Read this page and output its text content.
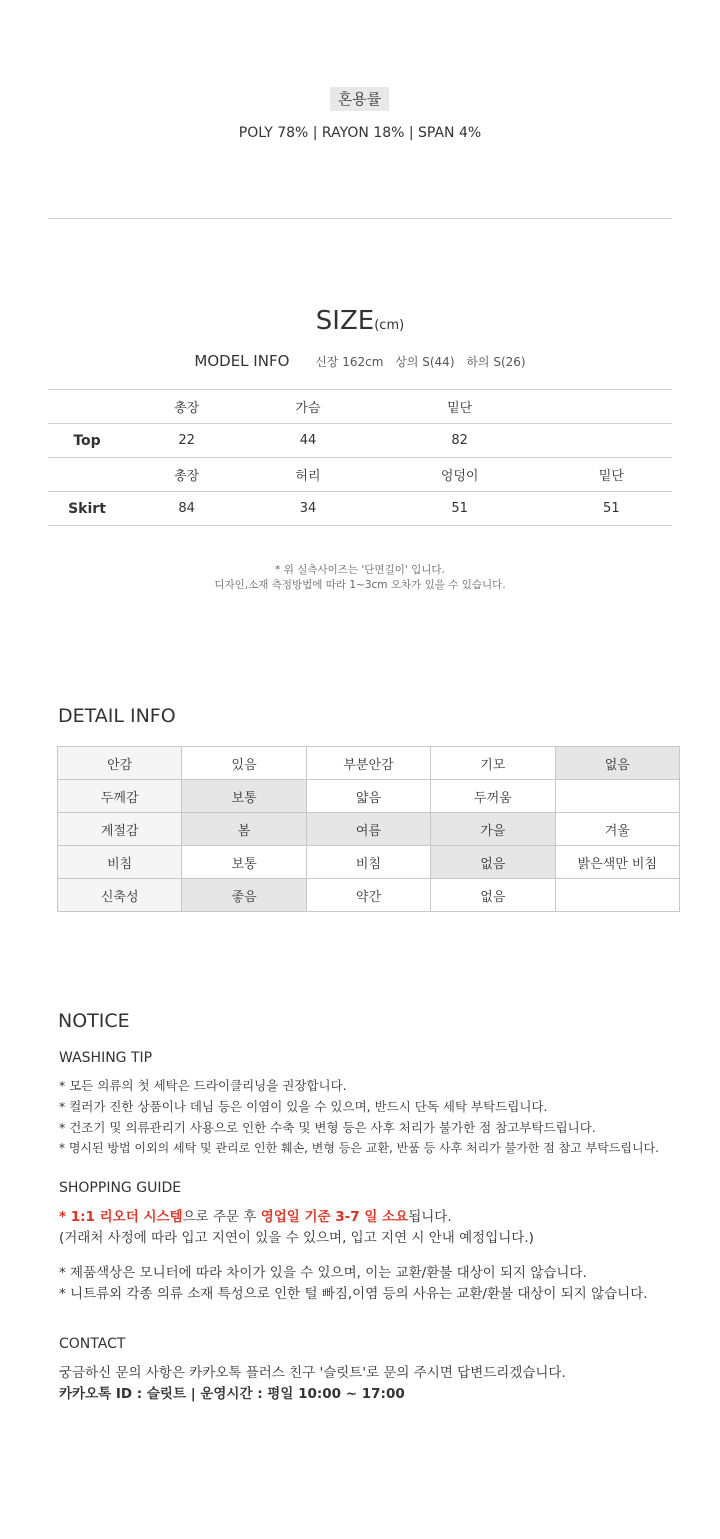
혼용률
POLY 78% | RAYON 18% | SPAN 4%
SIZE(cm)
MODEL INFO 신장 162cm 상의 S(44) 하의 S(26)
	총장	가슴	밑단	
Top	22	44	82	
	총장	허리	엉덩이	밑단
Skirt	84	34	51	51
* 위 실측사이즈는 '단면길이' 입니다.
디자인,소재 측정방법에 따라 1~3cm 오차가 있을 수 있습니다.
DETAIL INFO
안감	있음	부분안감	기모	없음
두께감	보통	얇음	두꺼움	
계절감	봄	여름	가을	겨울
비침	보통	비침	없음	밝은색만 비침
신축성	좋음	약간	없음	
NOTICE
WASHING TIP
* 모든 의류의 첫 세탁은 드라이클리닝을 권장합니다.
* 컬러가 진한 상품이나 데님 등은 이염이 있을 수 있으며, 반드시 단독 세탁 부탁드립니다.
* 건조기 및 의류관리기 사용으로 인한 수축 및 변형 등은 사후 처리가 불가한 점 참고부탁드립니다.
* 명시된 방법 이외의 세탁 및 관리로 인한 훼손, 변형 등은 교환, 반품 등 사후 처리가 불가한 점 참고 부탁드립니다.
SHOPPING GUIDE
* 1:1 리오더 시스템으로 주문 후 영업일 기준 3-7 일 소요됩니다.
(거래처 사정에 따라 입고 지연이 있을 수 있으며, 입고 지연 시 안내 예정입니다.)
* 제품색상은 모니터에 따라 차이가 있을 수 있으며, 이는 교환/환불 대상이 되지 않습니다.
* 니트류외 각종 의류 소재 특성으로 인한 털 빠짐,이염 등의 사유는 교환/환불 대상이 되지 않습니다.
CONTACT
궁금하신 문의 사항은 카카오톡 플러스 친구 '슬릿트'로 문의 주시면 답변드리겠습니다.
카카오톡 ID : 슬릿트 | 운영시간 : 평일 10:00 ~ 17:00
